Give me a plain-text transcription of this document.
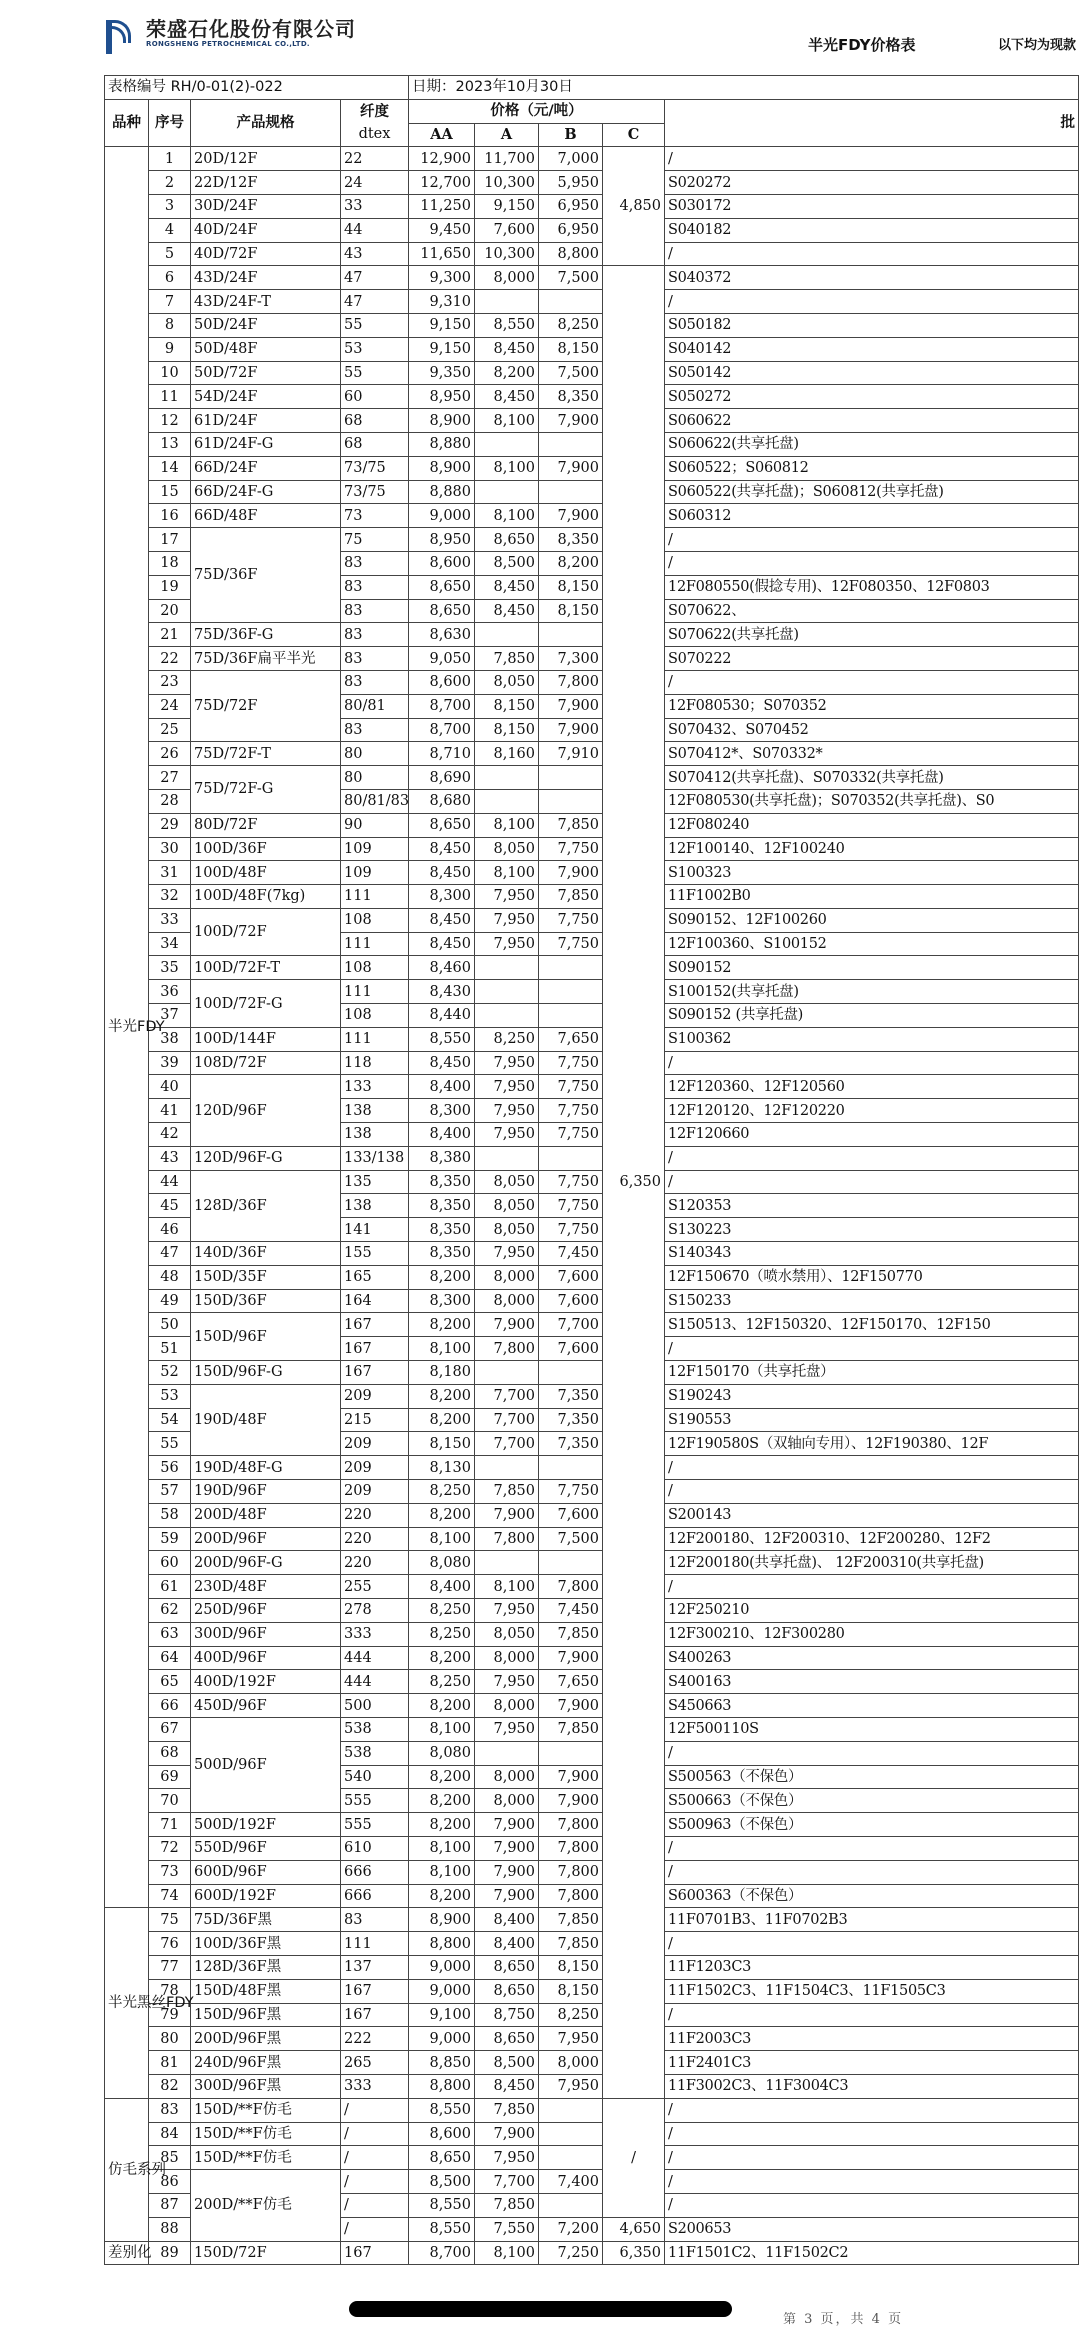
荣盛石化股份有限公司
RONGSHENG PETROCHEMICAL CO.,LTD.	半光FDY价格表	以下均为现款
表格编号 RH/0-01(2)-022				日期：2023年10月30日				
品种	序号	产品规格	纤度
dtex	价格（元/吨）				批
				AA	A	B	C	
半光FDY	1	20D/12F	22	12,900	11,700	7,000	4,850	/
	2	22D/12F	24	12,700	10,300	5,950		S020272
	3	30D/24F	33	11,250	9,150	6,950		S030172
	4	40D/24F	44	9,450	7,600	6,950		S040182
	5	40D/72F	43	11,650	10,300	8,800		/
	6	43D/24F	47	9,300	8,000	7,500	6,350	S040372
	7	43D/24F-T	47	9,310				/
	8	50D/24F	55	9,150	8,550	8,250		S050182
	9	50D/48F	53	9,150	8,450	8,150		S040142
	10	50D/72F	55	9,350	8,200	7,500		S050142
	11	54D/24F	60	8,950	8,450	8,350		S050272
	12	61D/24F	68	8,900	8,100	7,900		S060622
	13	61D/24F-G	68	8,880				S060622(共享托盘)
	14	66D/24F	73/75	8,900	8,100	7,900		S060522；S060812
	15	66D/24F-G	73/75	8,880				S060522(共享托盘)；S060812(共享托盘)
	16	66D/48F	73	9,000	8,100	7,900		S060312
	17	75D/36F	75	8,950	8,650	8,350		/
	18		83	8,600	8,500	8,200		/
	19		83	8,650	8,450	8,150		12F080550(假捻专用)、12F080350、12F0803
	20		83	8,650	8,450	8,150		S070622、
	21	75D/36F-G	83	8,630				S070622(共享托盘)
	22	75D/36F扁平半光	83	9,050	7,850	7,300		S070222
	23	75D/72F	83	8,600	8,050	7,800		/
	24		80/81	8,700	8,150	7,900		12F080530；S070352
	25		83	8,700	8,150	7,900		S070432、S070452
	26	75D/72F-T	80	8,710	8,160	7,910		S070412*、S070332*
	27	75D/72F-G	80	8,690				S070412(共享托盘)、S070332(共享托盘)
	28		80/81/83	8,680				12F080530(共享托盘)；S070352(共享托盘)、S0
	29	80D/72F	90	8,650	8,100	7,850		12F080240
	30	100D/36F	109	8,450	8,050	7,750		12F100140、12F100240
	31	100D/48F	109	8,450	8,100	7,900		S100323
	32	100D/48F(7kg)	111	8,300	7,950	7,850		11F1002B0
	33	100D/72F	108	8,450	7,950	7,750		S090152、12F100260
	34		111	8,450	7,950	7,750		12F100360、S100152
	35	100D/72F-T	108	8,460				S090152
	36	100D/72F-G	111	8,430				S100152(共享托盘)
	37		108	8,440				S090152 (共享托盘)
	38	100D/144F	111	8,550	8,250	7,650		S100362
	39	108D/72F	118	8,450	7,950	7,750		/
	40	120D/96F	133	8,400	7,950	7,750		12F120360、12F120560
	41		138	8,300	7,950	7,750		12F120120、12F120220
	42		138	8,400	7,950	7,750		12F120660
	43	120D/96F-G	133/138	8,380				/
	44	128D/36F	135	8,350	8,050	7,750		/
	45		138	8,350	8,050	7,750		S120353
	46		141	8,350	8,050	7,750		S130223
	47	140D/36F	155	8,350	7,950	7,450		S140343
	48	150D/35F	165	8,200	8,000	7,600		12F150670（喷水禁用）、12F150770
	49	150D/36F	164	8,300	8,000	7,600		S150233
	50	150D/96F	167	8,200	7,900	7,700		S150513、12F150320、12F150170、12F150
	51		167	8,100	7,800	7,600		/
	52	150D/96F-G	167	8,180				12F150170（共享托盘）
	53	190D/48F	209	8,200	7,700	7,350		S190243
	54		215	8,200	7,700	7,350		S190553
	55		209	8,150	7,700	7,350		12F190580S（双轴向专用）、12F190380、12F
	56	190D/48F-G	209	8,130				/
	57	190D/96F	209	8,250	7,850	7,750		/
	58	200D/48F	220	8,200	7,900	7,600		S200143
	59	200D/96F	220	8,100	7,800	7,500		12F200180、12F200310、12F200280、12F2
	60	200D/96F-G	220	8,080				12F200180(共享托盘)、 12F200310(共享托盘)
	61	230D/48F	255	8,400	8,100	7,800		/
	62	250D/96F	278	8,250	7,950	7,450		12F250210
	63	300D/96F	333	8,250	8,050	7,850		12F300210、12F300280
	64	400D/96F	444	8,200	8,000	7,900		S400263
	65	400D/192F	444	8,250	7,950	7,650		S400163
	66	450D/96F	500	8,200	8,000	7,900		S450663
	67	500D/96F	538	8,100	7,950	7,850		12F500110S
	68		538	8,080				/
	69		540	8,200	8,000	7,900		S500563（不保色）
	70		555	8,200	8,000	7,900		S500663（不保色）
	71	500D/192F	555	8,200	7,900	7,800		S500963（不保色）
	72	550D/96F	610	8,100	7,900	7,800		/
	73	600D/96F	666	8,100	7,900	7,800		/
	74	600D/192F	666	8,200	7,900	7,800		S600363（不保色）
半光黑丝FDY	75	75D/36F黑	83	8,900	8,400	7,850		11F0701B3、11F0702B3
	76	100D/36F黑	111	8,800	8,400	7,850		/
	77	128D/36F黑	137	9,000	8,650	8,150		11F1203C3
	78	150D/48F黑	167	9,000	8,650	8,150		11F1502C3、11F1504C3、11F1505C3
	79	150D/96F黑	167	9,100	8,750	8,250		/
	80	200D/96F黑	222	9,000	8,650	7,950		11F2003C3
	81	240D/96F黑	265	8,850	8,500	8,000		11F2401C3
	82	300D/96F黑	333	8,800	8,450	7,950		11F3002C3、11F3004C3
仿毛系列	83	150D/**F仿毛	/	8,550	7,850		/	/
	84	150D/**F仿毛	/	8,600	7,900			/
	85	150D/**F仿毛	/	8,650	7,950			/
	86	200D/**F仿毛	/	8,500	7,700	7,400		/
	87		/	8,550	7,850			/
	88		/	8,550	7,550	7,200	4,650	S200653
差别化	89	150D/72F	167	8,700	8,100	7,250	6,350	11F1501C2、11F1502C2
第 3 页，共 4 页
